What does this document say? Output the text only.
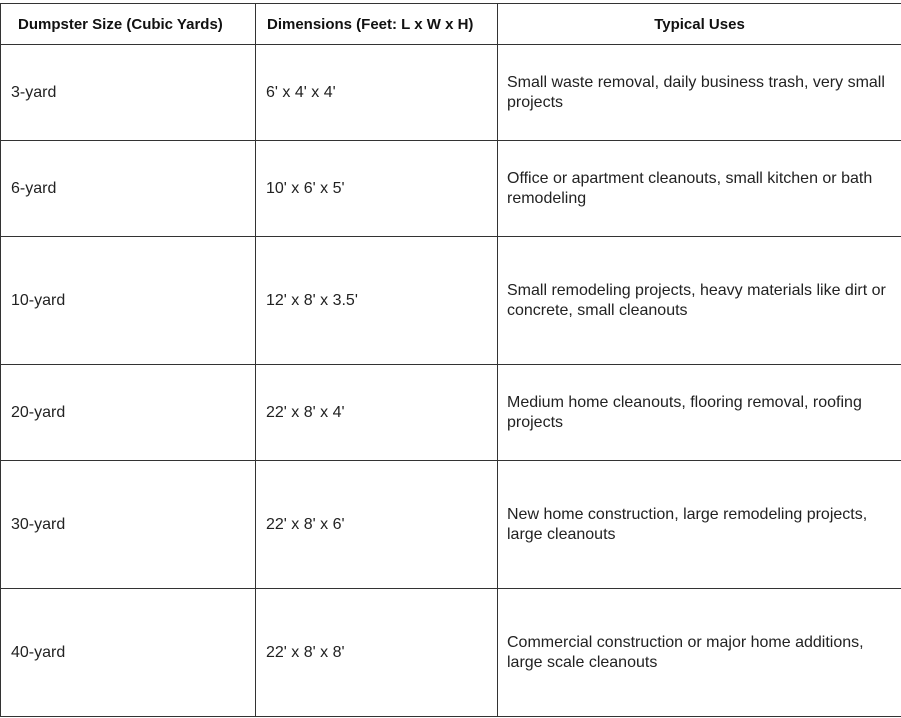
Dumpster Size (Cubic Yards)	Dimensions (Feet: L x W x H)	Typical Uses
3-yard	6' x 4' x 4'	Small waste removal, daily business trash, very small projects
6-yard	10' x 6' x 5'	Office or apartment cleanouts, small kitchen or bath remodeling
10-yard	12' x 8' x 3.5'	Small remodeling projects, heavy materials like dirt or concrete, small cleanouts
20-yard	22' x 8' x 4'	Medium home cleanouts, flooring removal, roofing projects
30-yard	22' x 8' x 6'	New home construction, large remodeling projects, large cleanouts
40-yard	22' x 8' x 8'	Commercial construction or major home additions, large scale cleanouts
